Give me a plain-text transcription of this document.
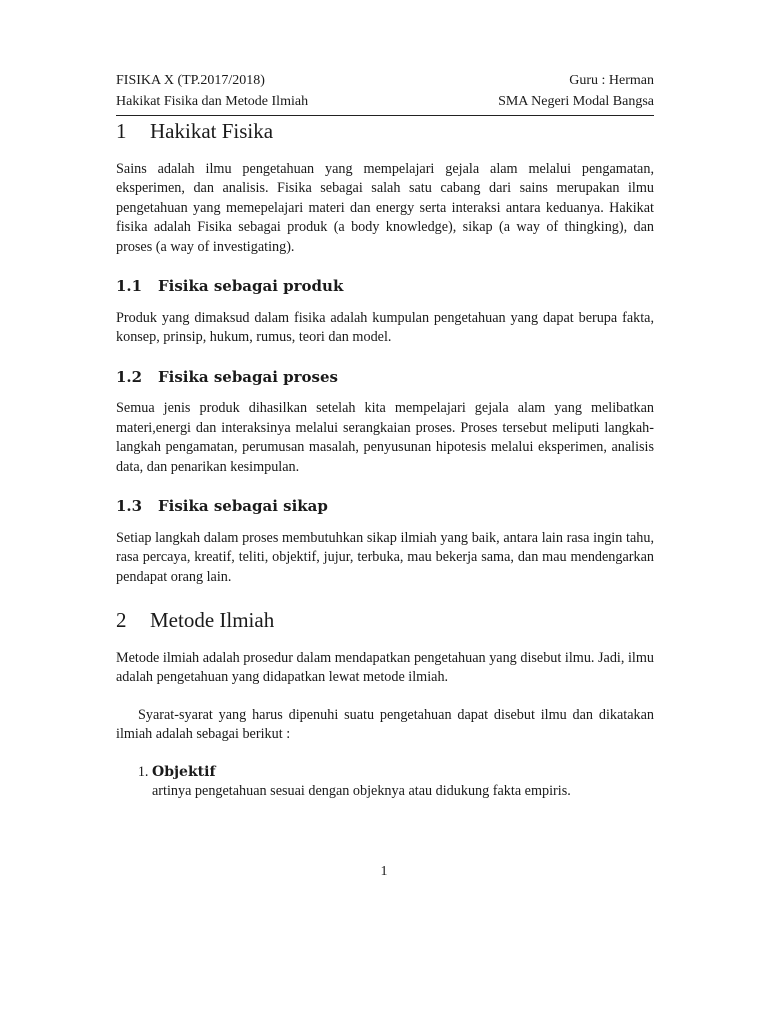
FISIKA X (TP.2017/2018)	Guru : Herman
Hakikat Fisika dan Metode Ilmiah	SMA Negeri Modal Bangsa
1 Hakikat Fisika

Sains adalah ilmu pengetahuan yang mempelajari gejala alam melalui pengamatan, eksperimen, dan analisis. Fisika sebagai salah satu cabang dari sains merupakan ilmu pengetahuan yang memepelajari materi dan energy serta interaksi antara keduanya. Hakikat fisika adalah Fisika sebagai produk (a body knowledge), sikap (a way of thingking), dan proses (a way of investigating).

1.1 Fisika sebagai produk

Produk yang dimaksud dalam fisika adalah kumpulan pengetahuan yang dapat berupa fakta, konsep, prinsip, hukum, rumus, teori dan model.

1.2 Fisika sebagai proses

Semua jenis produk dihasilkan setelah kita mempelajari gejala alam yang melibatkan materi,energi dan interaksinya melalui serangkaian proses. Proses tersebut meliputi langkah-langkah pengamatan, perumusan masalah, penyusunan hipotesis melalui eksperimen, analisis data, dan penarikan kesimpulan.

1.3 Fisika sebagai sikap

Setiap langkah dalam proses membutuhkan sikap ilmiah yang baik, antara lain rasa ingin tahu, rasa percaya, kreatif, teliti, objektif, jujur, terbuka, mau bekerja sama, dan mau mendengarkan pendapat orang lain.

2 Metode Ilmiah

Metode ilmiah adalah prosedur dalam mendapatkan pengetahuan yang disebut ilmu. Jadi, ilmu adalah pengetahuan yang didapatkan lewat metode ilmiah.

Syarat-syarat yang harus dipenuhi suatu pengetahuan dapat disebut ilmu dan dikatakan ilmiah adalah sebagai berikut :

1. Objektif
artinya pengetahuan sesuai dengan objeknya atau didukung fakta empiris.
1
